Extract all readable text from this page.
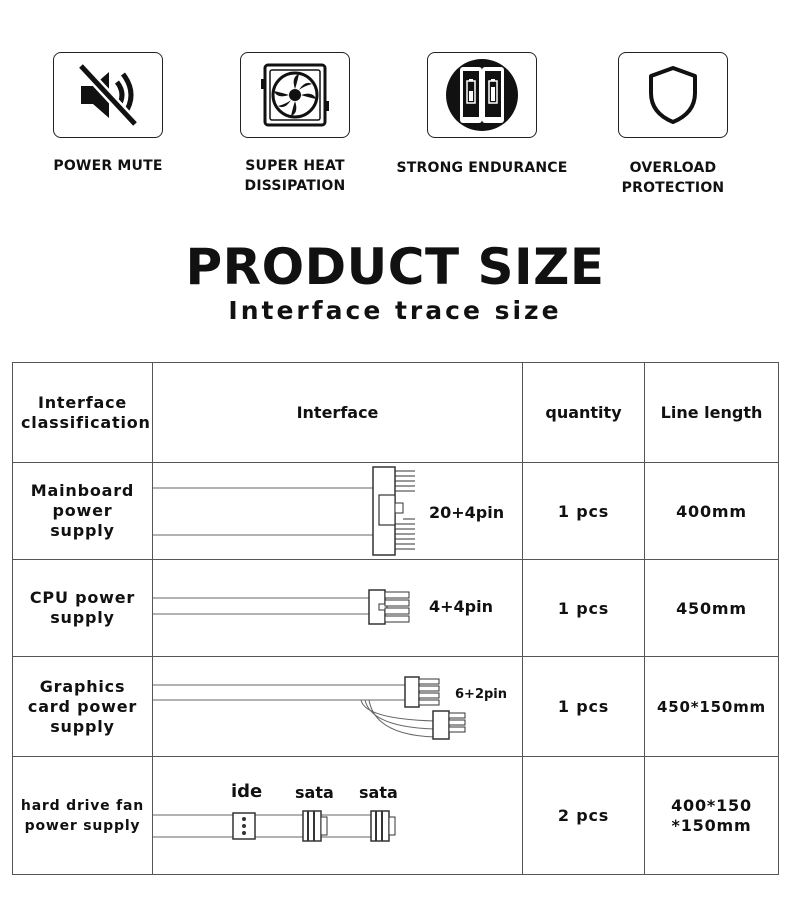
POWER MUTE	SUPER HEAT DISSIPATION
STRONG ENDURANCE	OVERLOAD PROTECTION
PRODUCT SIZE
Interface trace size
Interface classification	Interface	quantity	Line length
Mainboard power supply	20+4pin	1 pcs	400mm
CPU power supply	4+4pin	1 pcs	450mm
Graphics card power supply	6+2pin	1 pcs	450*150mm
hard drive fan power supply	ide sata sata	2 pcs	400*150 *150mm
